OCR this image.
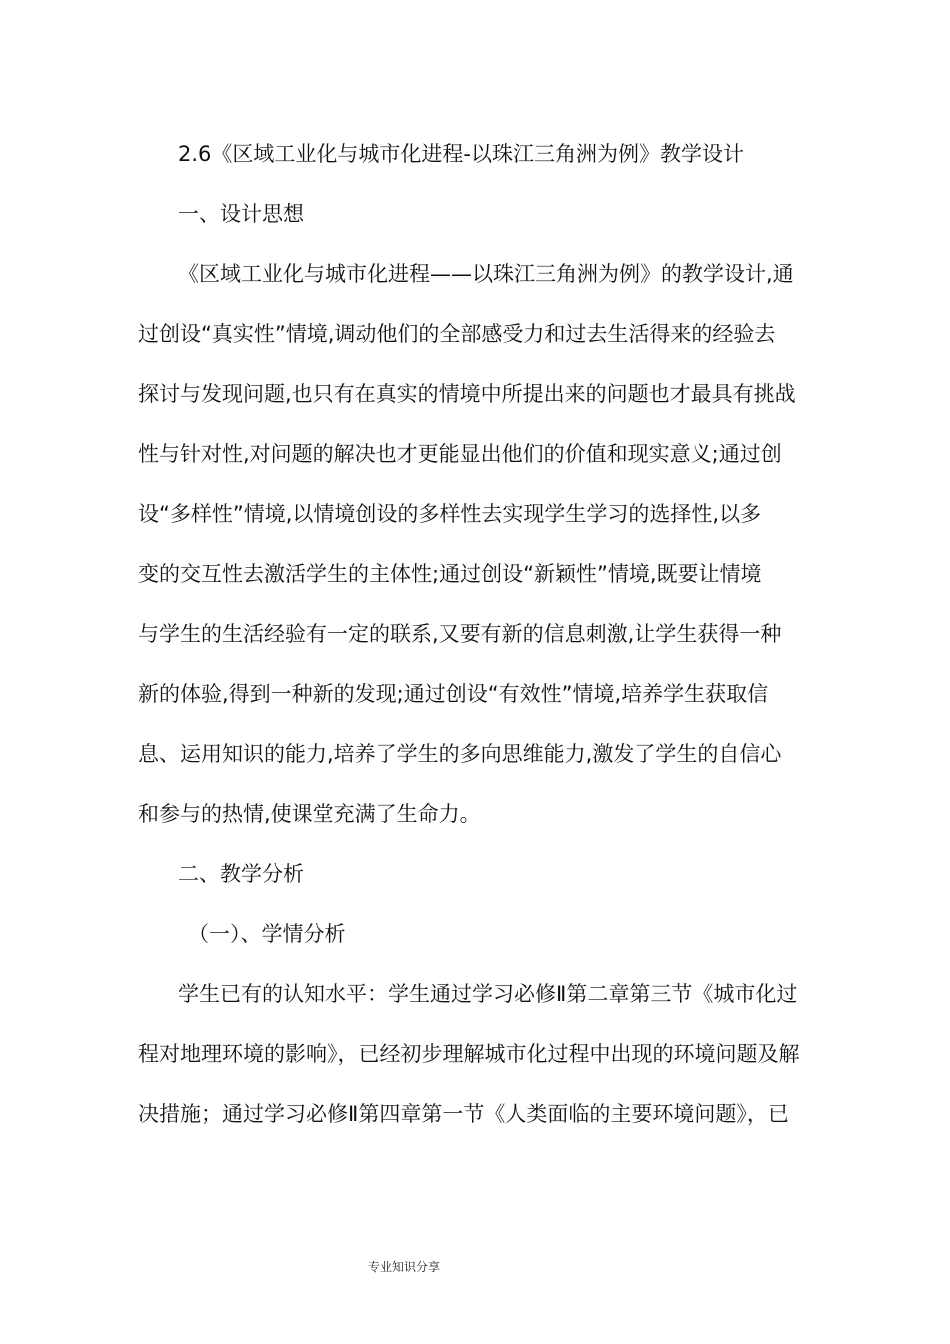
2.6《区域工业化与城市化进程-以珠江三角洲为例》教学设计
一、设计思想
《区域工业化与城市化进程——以珠江三角洲为例》的教学设计,通
过创设“真实性”情境,调动他们的全部感受力和过去生活得来的经验去
探讨与发现问题,也只有在真实的情境中所提出来的问题也才最具有挑战
性与针对性,对问题的解决也才更能显出他们的价值和现实意义;通过创
设“多样性”情境,以情境创设的多样性去实现学生学习的选择性,以多
变的交互性去激活学生的主体性;通过创设“新颖性”情境,既要让情境
与学生的生活经验有一定的联系,又要有新的信息刺激,让学生获得一种
新的体验,得到一种新的发现;通过创设“有效性”情境,培养学生获取信
息、运用知识的能力,培养了学生的多向思维能力,激发了学生的自信心
和参与的热情,使课堂充满了生命力。
二、教学分析
（一）、学情分析
学生已有的认知水平：学生通过学习必修Ⅱ第二章第三节《城市化过
程对地理环境的影响》，已经初步理解城市化过程中出现的环境问题及解
决措施；通过学习必修Ⅱ第四章第一节《人类面临的主要环境问题》，已
专业知识分享
